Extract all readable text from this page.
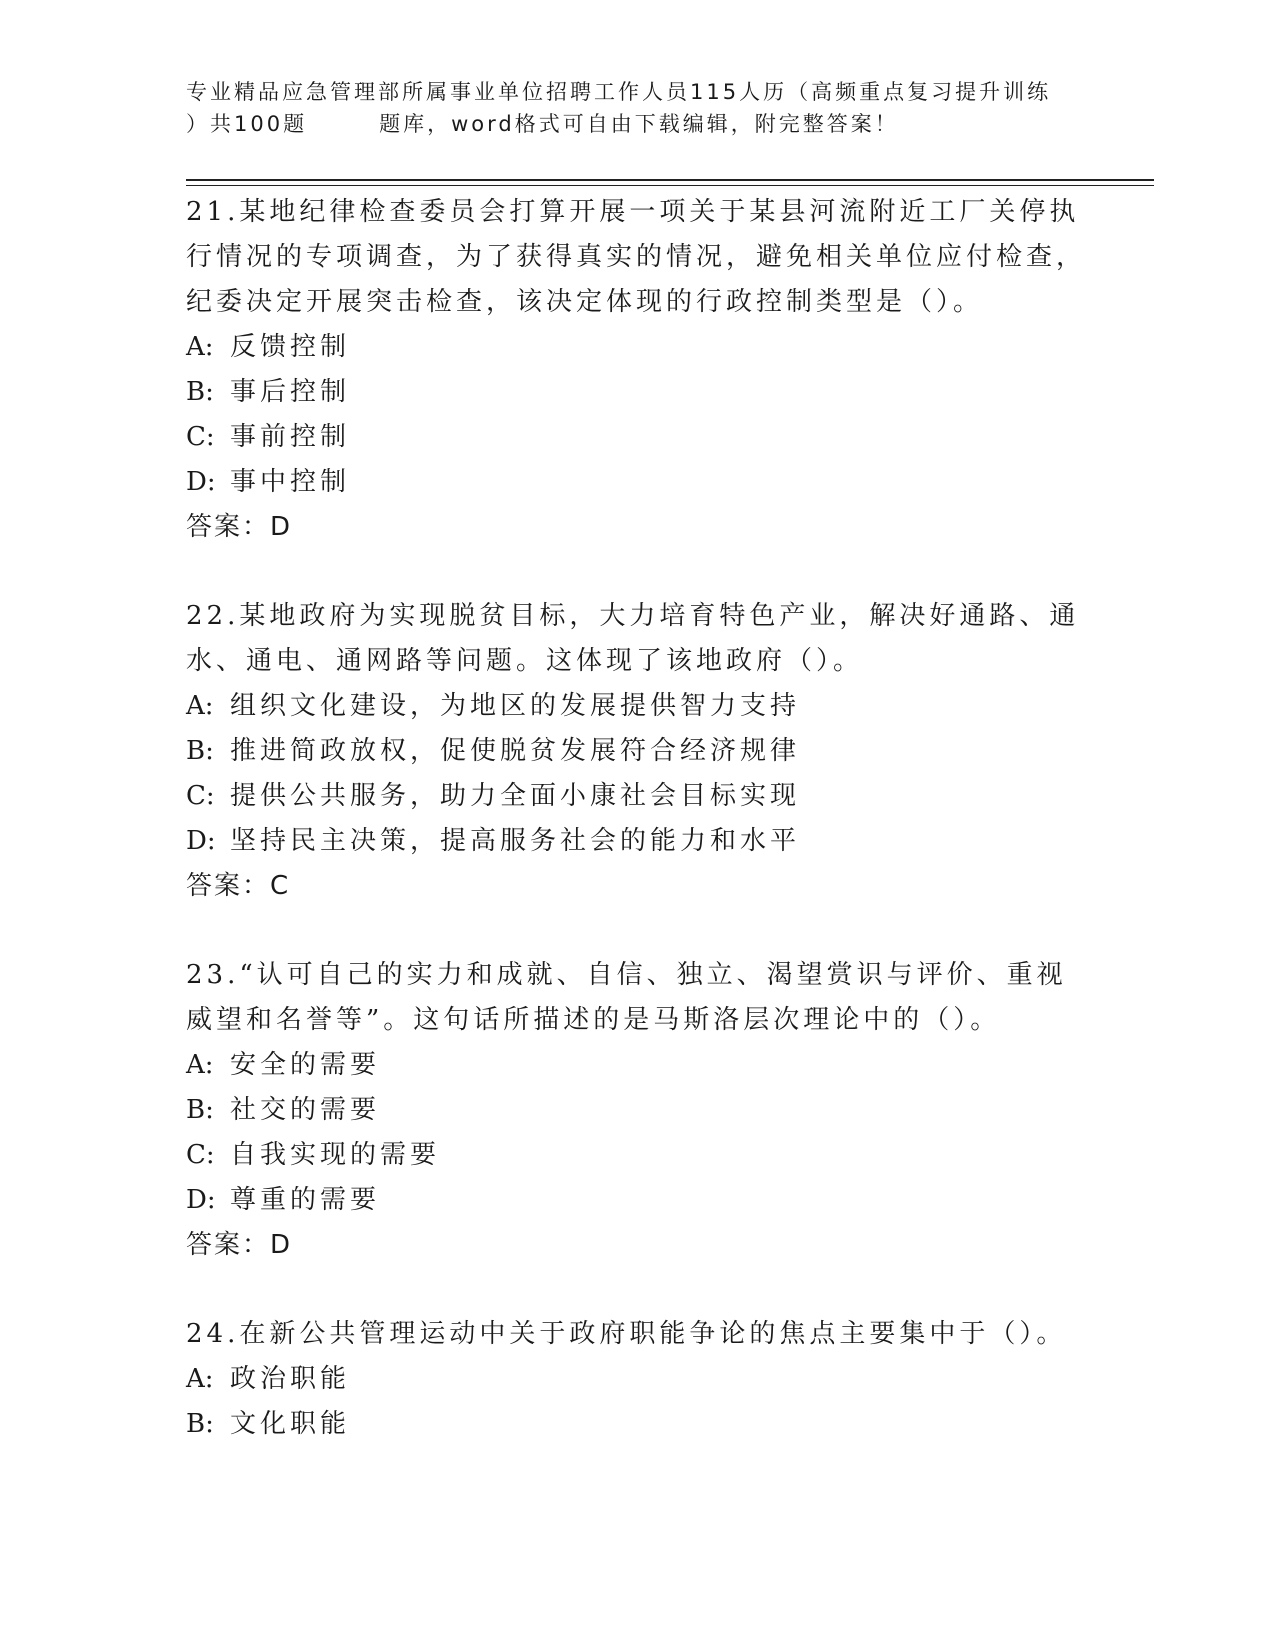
专业精品应急管理部所属事业单位招聘工作人员115人历（高频重点复习提升训练
）共100题	题库，word格式可自由下载编辑，附完整答案！

21.某地纪律检查委员会打算开展一项关于某县河流附近工厂关停执行情况的专项调查，为了获得真实的情况，避免相关单位应付检查，纪委决定开展突击检查，该决定体现的行政控制类型是（）。

A: 反馈控制

B: 事后控制

C: 事前控制

D: 事中控制

答案：D

22.某地政府为实现脱贫目标，大力培育特色产业，解决好通路、通水、通电、通网路等问题。这体现了该地政府（）。

A: 组织文化建设，为地区的发展提供智力支持

B: 推进简政放权，促使脱贫发展符合经济规律

C: 提供公共服务，助力全面小康社会目标实现

D: 坚持民主决策，提高服务社会的能力和水平

答案：C

23.“认可自己的实力和成就、自信、独立、渴望赏识与评价、重视威望和名誉等”。这句话所描述的是马斯洛层次理论中的（）。

A: 安全的需要

B: 社交的需要

C: 自我实现的需要

D: 尊重的需要

答案：D

24.在新公共管理运动中关于政府职能争论的焦点主要集中于（）。

A: 政治职能

B: 文化职能
